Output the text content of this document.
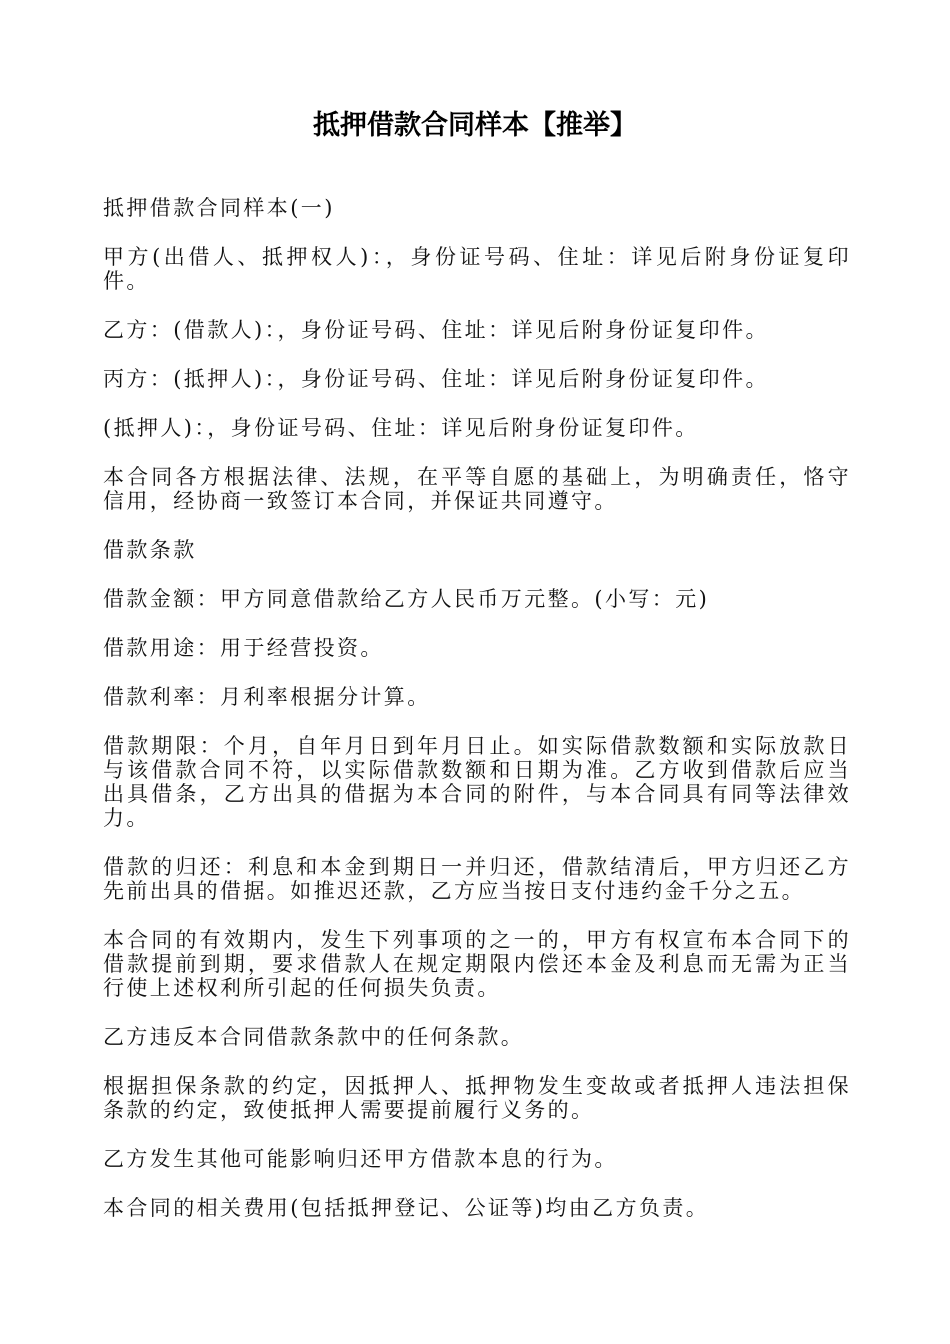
抵押借款合同样本【推举】

抵押借款合同样本(一)

甲方(出借人、抵押权人)：，身份证号码、住址：详见后附身份证复印件。

乙方：(借款人)：，身份证号码、住址：详见后附身份证复印件。

丙方：(抵押人)：，身份证号码、住址：详见后附身份证复印件。

(抵押人)：，身份证号码、住址：详见后附身份证复印件。

本合同各方根据法律、法规，在平等自愿的基础上，为明确责任，恪守信用，经协商一致签订本合同，并保证共同遵守。

借款条款

借款金额：甲方同意借款给乙方人民币万元整。(小写：元)

借款用途：用于经营投资。

借款利率：月利率根据分计算。

借款期限：个月，自年月日到年月日止。如实际借款数额和实际放款日与该借款合同不符，以实际借款数额和日期为准。乙方收到借款后应当出具借条，乙方出具的借据为本合同的附件，与本合同具有同等法律效力。

借款的归还：利息和本金到期日一并归还，借款结清后，甲方归还乙方先前出具的借据。如推迟还款，乙方应当按日支付违约金千分之五。

本合同的有效期内，发生下列事项的之一的，甲方有权宣布本合同下的借款提前到期，要求借款人在规定期限内偿还本金及利息而无需为正当行使上述权利所引起的任何损失负责。

乙方违反本合同借款条款中的任何条款。

根据担保条款的约定，因抵押人、抵押物发生变故或者抵押人违法担保条款的约定，致使抵押人需要提前履行义务的。

乙方发生其他可能影响归还甲方借款本息的行为。

本合同的相关费用(包括抵押登记、公证等)均由乙方负责。
